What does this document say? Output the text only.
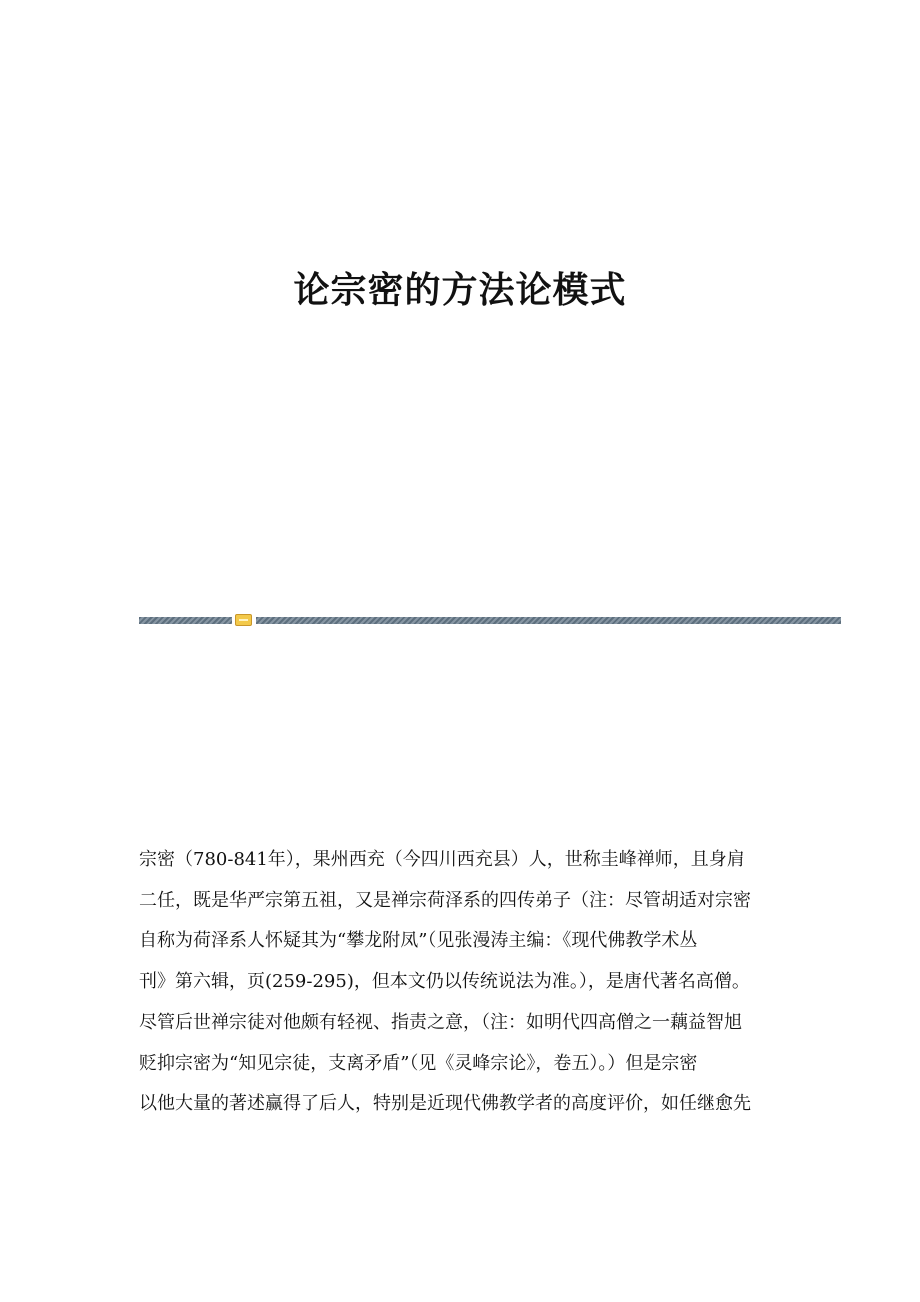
论宗密的方法论模式
宗密（780-841年），果州西充（今四川西充县）人，世称圭峰禅师，且身肩
二任，既是华严宗第五祖，又是禅宗荷泽系的四传弟子（注：尽管胡适对宗密
自称为荷泽系人怀疑其为“攀龙附凤”（见张漫涛主编：《现代佛教学术丛
刊》第六辑，页(259-295)，但本文仍以传统说法为准。），是唐代著名高僧。
尽管后世禅宗徒对他颇有轻视、指责之意，（注：如明代四高僧之一藕益智旭
贬抑宗密为“知见宗徒，支离矛盾”（见《灵峰宗论》，卷五）。）但是宗密
以他大量的著述赢得了后人，特别是近现代佛教学者的高度评价，如任继愈先
